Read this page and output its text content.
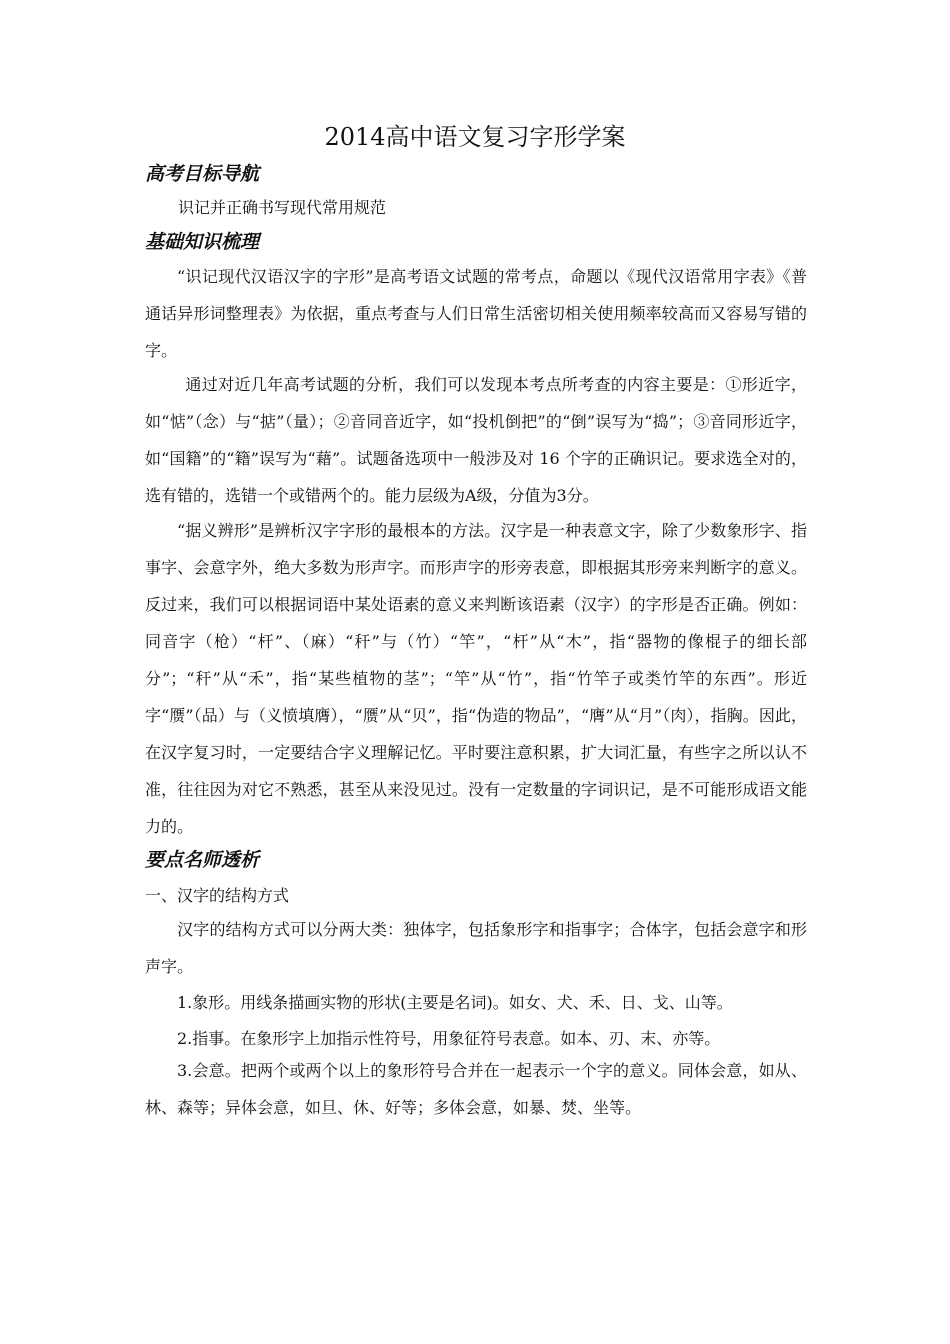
2014高中语文复习字形学案
高考目标导航
识记并正确书写现代常用规范
基础知识梳理
“识记现代汉语汉字的字形”是高考语文试题的常考点，命题以《现代汉语常用字表》《普通话异形词整理表》为依据，重点考查与人们日常生活密切相关使用频率较高而又容易写错的字。
通过对近几年高考试题的分析，我们可以发现本考点所考查的内容主要是：①形近字，如“惦”（念）与“掂”（量）；②音同音近字，如“投机倒把”的“倒”误写为“捣”；③音同形近字，如“国籍”的“籍”误写为“藉”。试题备选项中一般涉及对 16 个字的正确识记。要求选全对的，选有错的，选错一个或错两个的。能力层级为A级，分值为3分。
“据义辨形”是辨析汉字字形的最根本的方法。汉字是一种表意文字，除了少数象形字、指事字、会意字外，绝大多数为形声字。而形声字的形旁表意，即根据其形旁来判断字的意义。反过来，我们可以根据词语中某处语素的意义来判断该语素（汉字）的字形是否正确。例如：同音字（枪）“杆”、（麻）“秆”与（竹）“竿”，“杆”从“木”，指“器物的像棍子的细长部分”；“秆”从“禾”，指“某些植物的茎”；“竿”从“竹”，指“竹竿子或类竹竿的东西”。形近字“赝”（品）与（义愤填膺），“赝”从“贝”，指“伪造的物品”，“膺”从“月”（肉），指胸。因此，在汉字复习时，一定要结合字义理解记忆。平时要注意积累，扩大词汇量，有些字之所以认不准，往往因为对它不熟悉，甚至从来没见过。没有一定数量的字词识记，是不可能形成语文能力的。
要点名师透析
一、汉字的结构方式
汉字的结构方式可以分两大类：独体字，包括象形字和指事字；合体字，包括会意字和形声字。
1.象形。用线条描画实物的形状(主要是名词)。如女、犬、禾、日、戈、山等。
2.指事。在象形字上加指示性符号，用象征符号表意。如本、刃、末、亦等。
3.会意。把两个或两个以上的象形符号合并在一起表示一个字的意义。同体会意，如从、林、森等；异体会意，如旦、休、好等；多体会意，如暴、焚、坐等。
